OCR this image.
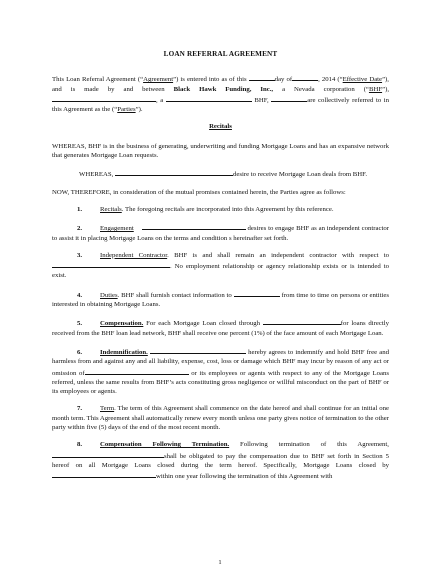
LOAN REFERRAL AGREEMENT
This Loan Referral Agreement (“Agreement”) is entered into as of this	day of	, 2014 (“Effective Date”), and is made by and between Black Hawk Funding, Inc., a Nevada corporation (“BHF”), , a	BHF,	are collectively referred to in this Agreement as the (“Parties”).
Recitals
WHEREAS, BHF is in the business of generating, underwriting and funding Mortgage Loans and has an expansive network that generates Mortgage Loan requests.
WHEREAS,	desire to receive Mortgage Loan deals from BHF.
NOW, THEREFORE, in consideration of the mutual promises contained herein, the Parties agree as follows:
1.	Recitals. The foregoing recitals are incorporated into this Agreement by this reference.
2.	Engagement	desires to engage BHF as an independent contractor to assist it in placing Mortgage Loans on the terms and condition s hereinafter set forth.
3.	Independent Contractor. BHF is and shall remain an independent contractor with respect to . No employment relationship or agency relationship exists or is intended to exist.
4.	Duties. BHF shall furnish contact information to	from time to time on persons or entities interested in obtaining Mortgage Loans.
5.	Compensation. For each Mortgage Loan closed through	for loans directly received from the BHF loan lead network, BHF shall receive one percent (1%) of the face amount of each Mortgage Loan.
6.	Indemnification.	hereby agrees to indemnify and hold BHF free and harmless from and against any and all liability, expense, cost, loss or damage which BHF may incur by reason of any act or omission of	or its employees or agents with respect to any of the Mortgage Loans referred, unless the same results from BHF’s acts constituting gross negligence or willful misconduct on the part of BHF or its employees or agents.
7.	Term. The term of this Agreement shall commence on the date hereof and shall continue for an initial one month term. This Agreement shall automatically renew every month unless one party gives notice of termination to the other party within five (5) days of the end of the most recent month.
8.	Compensation Following Termination. Following termination of this Agreement, shall be obligated to pay the compensation due to BHF set forth in Section 5 hereof on all Mortgage Loans closed during the term hereof. Specifically, Mortgage Loans closed by within one year following the termination of this Agreement with
1
